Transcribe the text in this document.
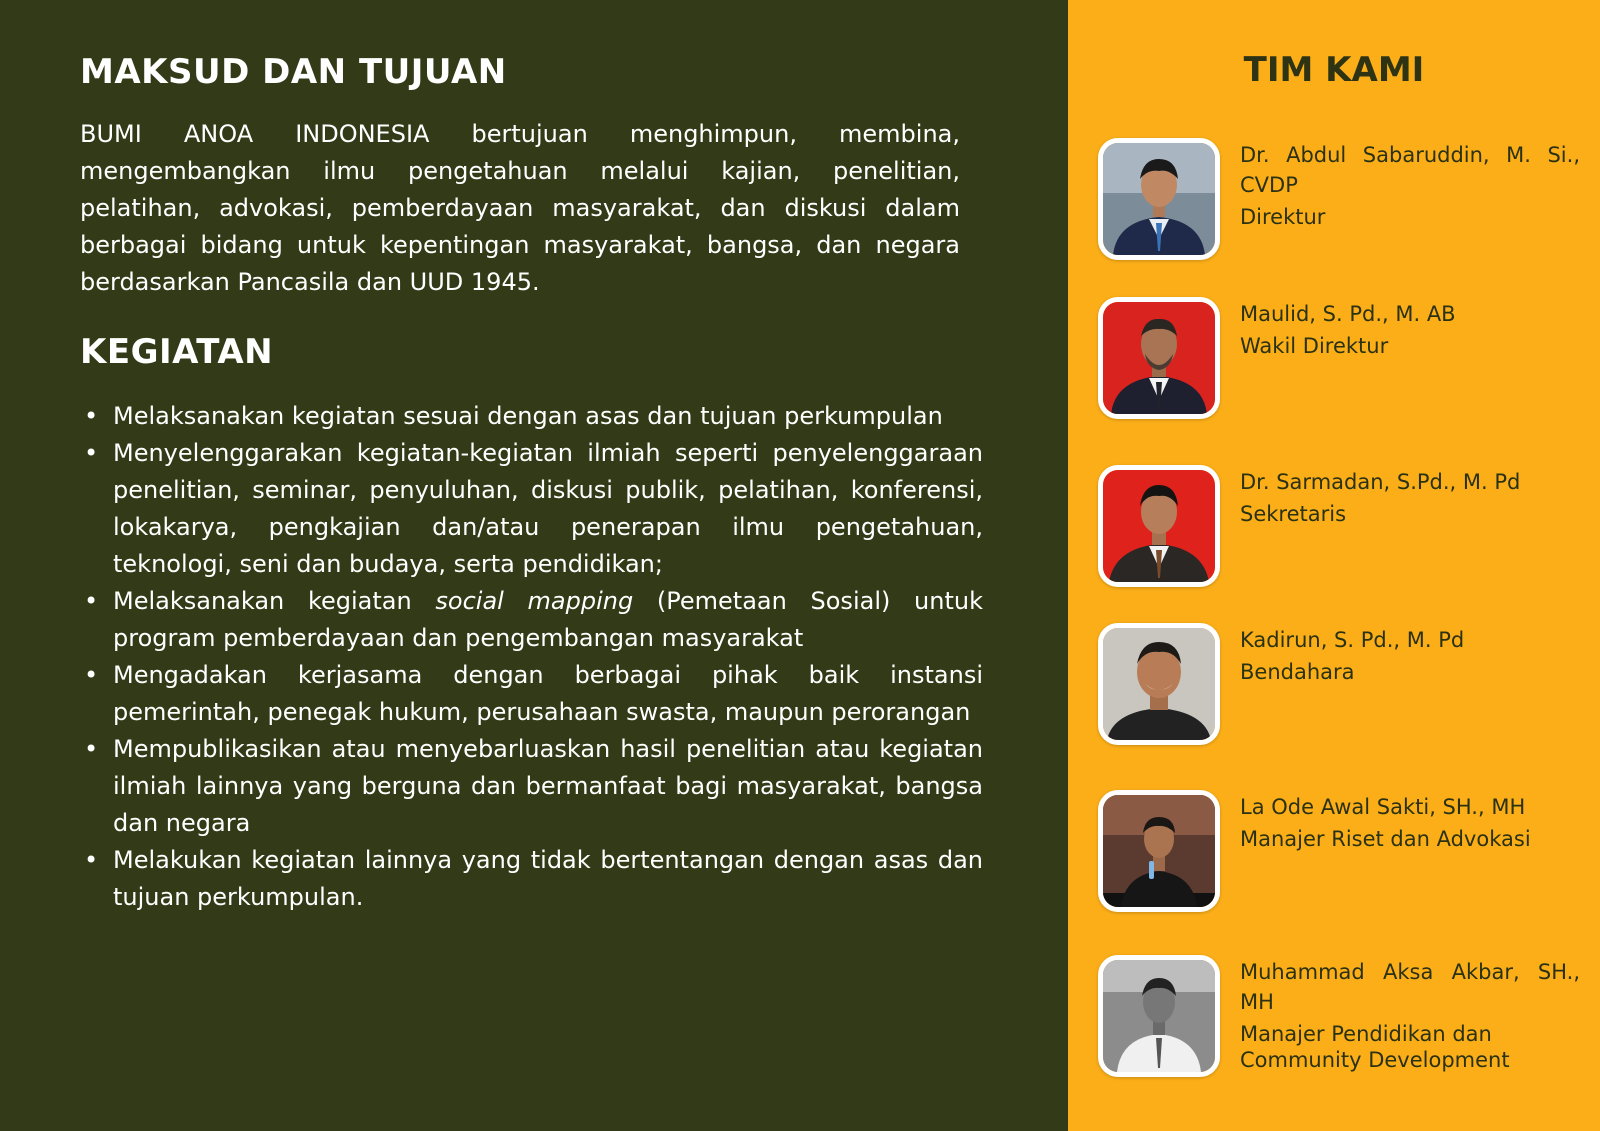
MAKSUD DAN TUJUAN

BUMI ANOA INDONESIA bertujuan menghimpun, membina, mengembangkan ilmu pengetahuan melalui kajian, penelitian, pelatihan, advokasi, pemberdayaan masyarakat, dan diskusi dalam berbagai bidang untuk kepentingan masyarakat, bangsa, dan negara berdasarkan Pancasila dan UUD 1945.

KEGIATAN
• Melaksanakan kegiatan sesuai dengan asas dan tujuan perkumpulan
• Menyelenggarakan kegiatan-kegiatan ilmiah seperti penyelenggaraan penelitian, seminar, penyuluhan, diskusi publik, pelatihan, konferensi, lokakarya, pengkajian dan/atau penerapan ilmu pengetahuan, teknologi, seni dan budaya, serta pendidikan;
• Melaksanakan kegiatan social mapping (Pemetaan Sosial) untuk program pemberdayaan dan pengembangan masyarakat
• Mengadakan kerjasama dengan berbagai pihak baik instansi pemerintah, penegak hukum, perusahaan swasta, maupun perorangan
• Mempublikasikan atau menyebarluaskan hasil penelitian atau kegiatan ilmiah lainnya yang berguna dan bermanfaat bagi masyarakat, bangsa dan negara
• Melakukan kegiatan lainnya yang tidak bertentangan dengan asas dan tujuan perkumpulan.
TIM KAMI

Dr. Abdul Sabaruddin, M. Si., CVDP

Direktur

Maulid, S. Pd., M. AB

Wakil Direktur

Dr. Sarmadan, S.Pd., M. Pd

Sekretaris

Kadirun, S. Pd., M. Pd

Bendahara

La Ode Awal Sakti, SH., MH

Manajer Riset dan Advokasi

Muhammad Aksa Akbar, SH., MH

Manajer Pendidikan dan Community Development
